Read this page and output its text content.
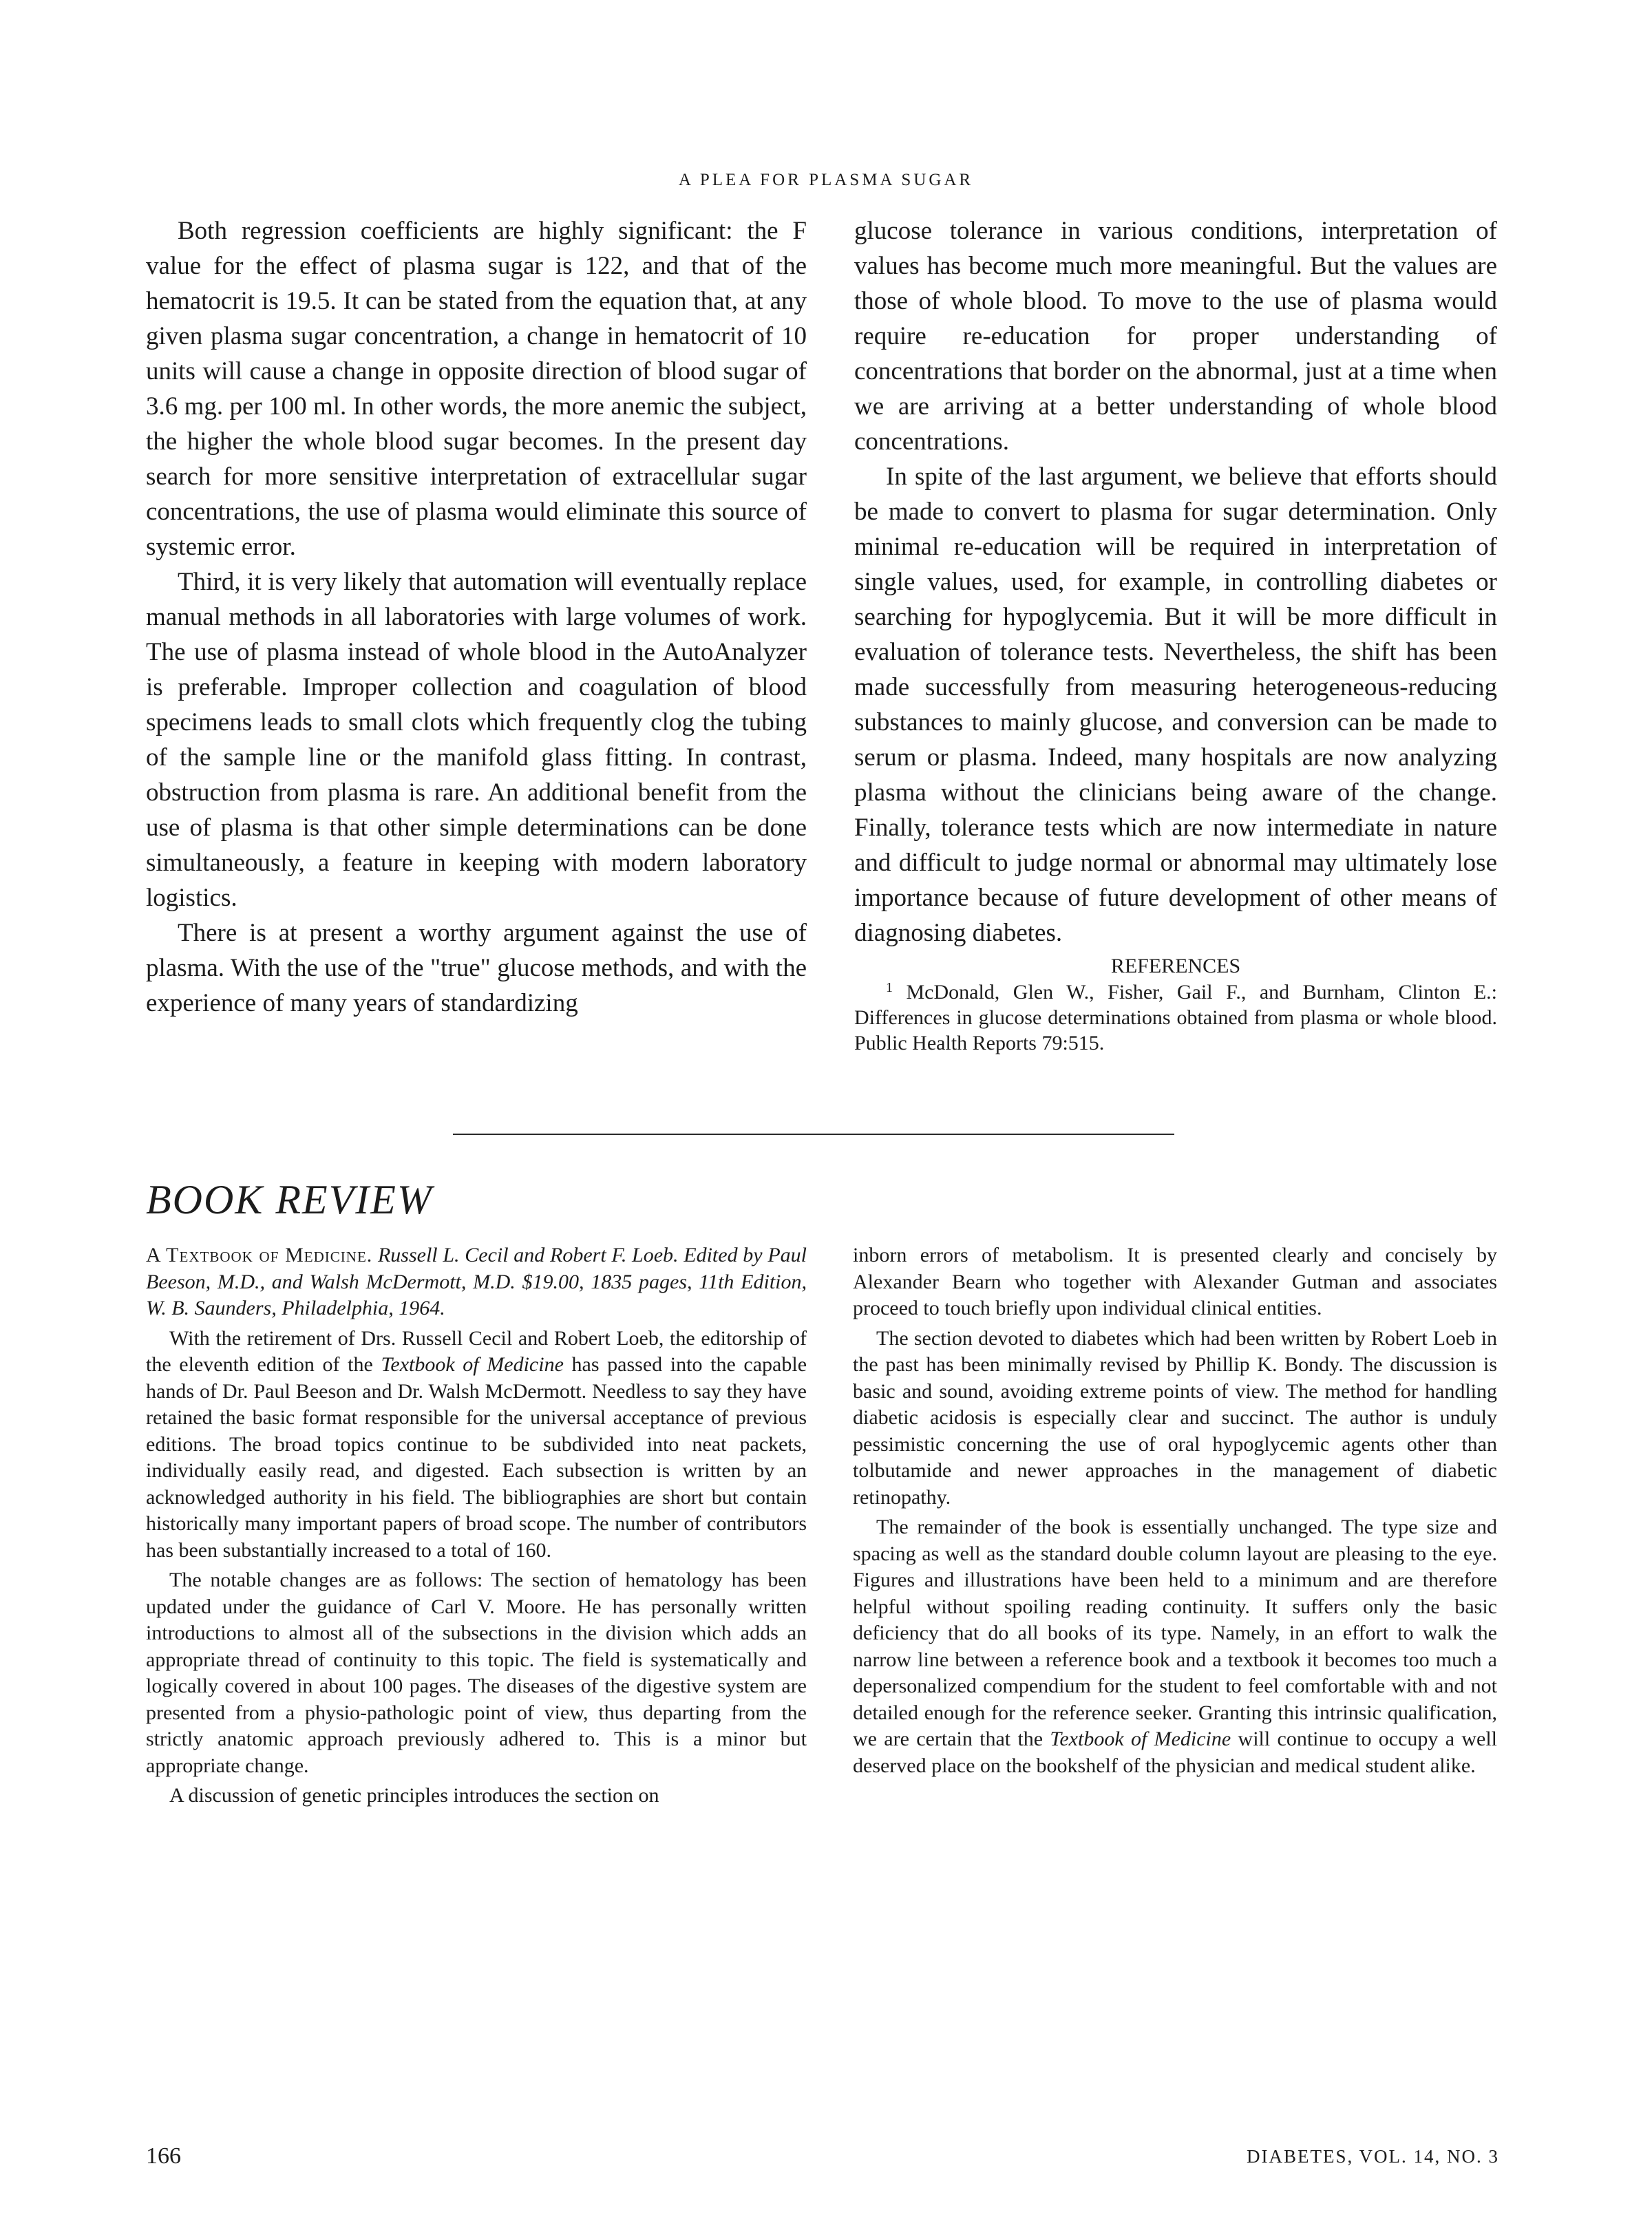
A PLEA FOR PLASMA SUGAR

Both regression coefficients are highly significant: the F value for the effect of plasma sugar is 122, and that of the hematocrit is 19.5. It can be stated from the equation that, at any given plasma sugar concentration, a change in hematocrit of 10 units will cause a change in opposite direction of blood sugar of 3.6 mg. per 100 ml. In other words, the more anemic the subject, the higher the whole blood sugar becomes. In the present day search for more sensitive interpretation of extracellular sugar concentrations, the use of plasma would eliminate this source of systemic error.

Third, it is very likely that automation will eventually replace manual methods in all laboratories with large volumes of work. The use of plasma instead of whole blood in the AutoAnalyzer is preferable. Improper collection and coagulation of blood specimens leads to small clots which frequently clog the tubing of the sample line or the manifold glass fitting. In contrast, obstruction from plasma is rare. An additional benefit from the use of plasma is that other simple determinations can be done simultaneously, a feature in keeping with modern laboratory logistics.

There is at present a worthy argument against the use of plasma. With the use of the "true" glucose methods, and with the experience of many years of standardizing

glucose tolerance in various conditions, interpretation of values has become much more meaningful. But the values are those of whole blood. To move to the use of plasma would require re-education for proper understanding of concentrations that border on the abnormal, just at a time when we are arriving at a better understanding of whole blood concentrations.

In spite of the last argument, we believe that efforts should be made to convert to plasma for sugar determination. Only minimal re-education will be required in interpretation of single values, used, for example, in controlling diabetes or searching for hypoglycemia. But it will be more difficult in evaluation of tolerance tests. Nevertheless, the shift has been made successfully from measuring heterogeneous-reducing substances to mainly glucose, and conversion can be made to serum or plasma. Indeed, many hospitals are now analyzing plasma without the clinicians being aware of the change. Finally, tolerance tests which are now intermediate in nature and difficult to judge normal or abnormal may ultimately lose importance because of future development of other means of diagnosing diabetes.

REFERENCES

$^1$ McDonald, Glen W., Fisher, Gail F., and Burnham, Clinton E.: Differences in glucose determinations obtained from plasma or whole blood. Public Health Reports 79:515.

BOOK REVIEW

A Textbook of Medicine. Russell L. Cecil and Robert F. Loeb. Edited by Paul Beeson, M.D., and Walsh McDermott, M.D. $19.00, 1835 pages, 11th Edition, W. B. Saunders, Philadelphia, 1964.

With the retirement of Drs. Russell Cecil and Robert Loeb, the editorship of the eleventh edition of the Textbook of Medicine has passed into the capable hands of Dr. Paul Beeson and Dr. Walsh McDermott. Needless to say they have retained the basic format responsible for the universal acceptance of previous editions. The broad topics continue to be subdivided into neat packets, individually easily read, and digested. Each subsection is written by an acknowledged authority in his field. The bibliographies are short but contain historically many important papers of broad scope. The number of contributors has been substantially increased to a total of 160.

The notable changes are as follows: The section of hematology has been updated under the guidance of Carl V. Moore. He has personally written introductions to almost all of the subsections in the division which adds an appropriate thread of continuity to this topic. The field is systematically and logically covered in about 100 pages. The diseases of the digestive system are presented from a physio-pathologic point of view, thus departing from the strictly anatomic approach previously adhered to. This is a minor but appropriate change.

A discussion of genetic principles introduces the section on

inborn errors of metabolism. It is presented clearly and concisely by Alexander Bearn who together with Alexander Gutman and associates proceed to touch briefly upon individual clinical entities.

The section devoted to diabetes which had been written by Robert Loeb in the past has been minimally revised by Phillip K. Bondy. The discussion is basic and sound, avoiding extreme points of view. The method for handling diabetic acidosis is especially clear and succinct. The author is unduly pessimistic concerning the use of oral hypoglycemic agents other than tolbutamide and newer approaches in the management of diabetic retinopathy.

The remainder of the book is essentially unchanged. The type size and spacing as well as the standard double column layout are pleasing to the eye. Figures and illustrations have been held to a minimum and are therefore helpful without spoiling reading continuity. It suffers only the basic deficiency that do all books of its type. Namely, in an effort to walk the narrow line between a reference book and a textbook it becomes too much a depersonalized compendium for the student to feel comfortable with and not detailed enough for the reference seeker. Granting this intrinsic qualification, we are certain that the Textbook of Medicine will continue to occupy a well deserved place on the bookshelf of the physician and medical student alike.

166	DIABETES, VOL. 14, NO. 3
